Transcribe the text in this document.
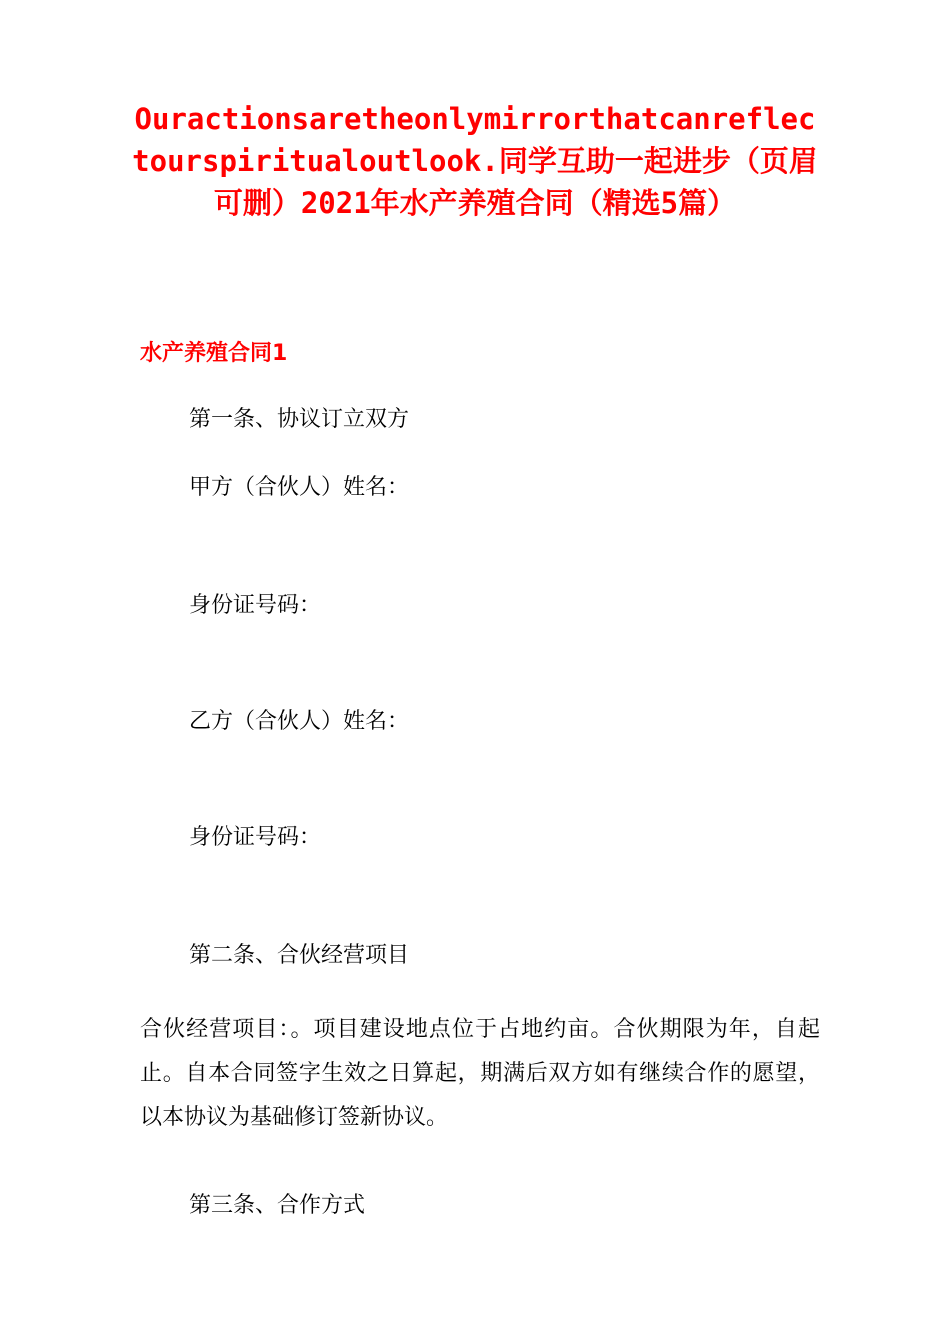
Ouractionsaretheonlymirrorthatcanreflectourspiritualoutlook.同学互助一起进步（页眉可删）2021年水产养殖合同（精选5篇）
水产养殖合同1

第一条、协议订立双方

甲方（合伙人）姓名：

身份证号码：

乙方（合伙人）姓名：

身份证号码：

第二条、合伙经营项目

合伙经营项目：。项目建设地点位于占地约亩。合伙期限为年，自起止。自本合同签字生效之日算起，期满后双方如有继续合作的愿望，以本协议为基础修订签新协议。

第三条、合作方式
